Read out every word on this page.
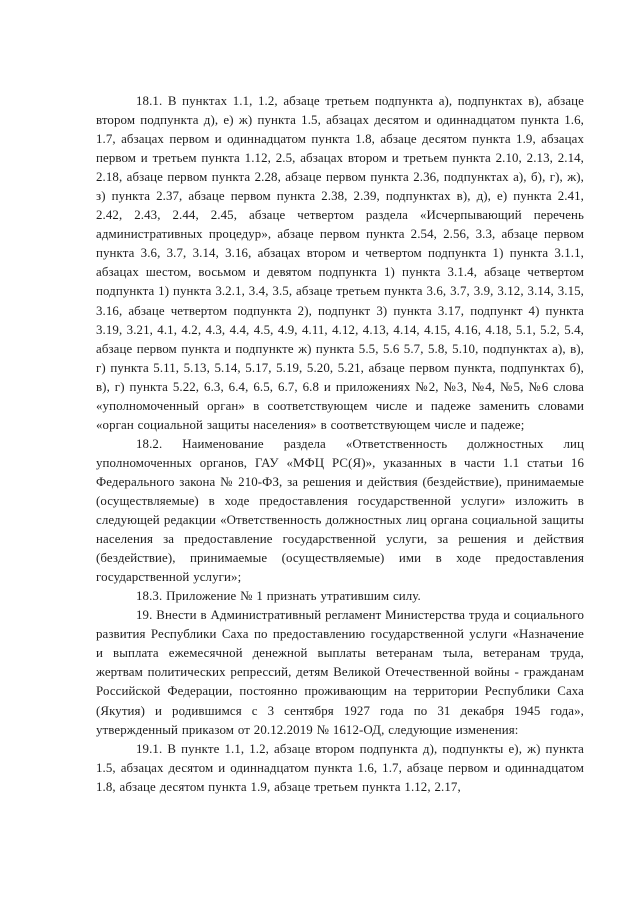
18.1. В пунктах 1.1, 1.2, абзаце третьем подпункта а), подпунктах в), абзаце втором подпункта д), е) ж) пункта 1.5, абзацах десятом и одиннадцатом пункта 1.6, 1.7, абзацах первом и одиннадцатом пункта 1.8, абзаце десятом пункта 1.9, абзацах первом и третьем пункта 1.12, 2.5, абзацах втором и третьем пункта 2.10, 2.13, 2.14, 2.18, абзаце первом пункта 2.28, абзаце первом пункта 2.36, подпунктах а), б), г), ж), з) пункта 2.37, абзаце первом пункта 2.38, 2.39, подпунктах в), д), е) пункта 2.41, 2.42, 2.43, 2.44, 2.45, абзаце четвертом раздела «Исчерпывающий перечень административных процедур», абзаце первом пункта 2.54, 2.56, 3.3, абзаце первом пункта 3.6, 3.7, 3.14, 3.16, абзацах втором и четвертом подпункта 1) пункта 3.1.1, абзацах шестом, восьмом и девятом подпункта 1) пункта 3.1.4, абзаце четвертом подпункта 1) пункта 3.2.1, 3.4, 3.5, абзаце третьем пункта 3.6, 3.7, 3.9, 3.12, 3.14, 3.15, 3.16, абзаце четвертом подпункта 2), подпункт 3) пункта 3.17, подпункт 4) пункта 3.19, 3.21, 4.1, 4.2, 4.3, 4.4, 4.5, 4.9, 4.11, 4.12, 4.13, 4.14, 4.15, 4.16, 4.18, 5.1, 5.2, 5.4, абзаце первом пункта и подпункте ж) пункта 5.5, 5.6 5.7, 5.8, 5.10, подпунктах а), в), г) пункта 5.11, 5.13, 5.14, 5.17, 5.19, 5.20, 5.21, абзаце первом пункта, подпунктах б), в), г) пункта 5.22, 6.3, 6.4, 6.5, 6.7, 6.8 и приложениях №2, №3, №4, №5, №6 слова «уполномоченный орган» в соответствующем числе и падеже заменить словами «орган социальной защиты населения» в соответствующем числе и падеже;

18.2. Наименование раздела «Ответственность должностных лиц уполномоченных органов, ГАУ «МФЦ РС(Я)», указанных в части 1.1 статьи 16 Федерального закона № 210-ФЗ, за решения и действия (бездействие), принимаемые (осуществляемые) в ходе предоставления государственной услуги» изложить в следующей редакции «Ответственность должностных лиц органа социальной защиты населения за предоставление государственной услуги, за решения и действия (бездействие), принимаемые (осуществляемые) ими в ходе предоставления государственной услуги»;

18.3. Приложение № 1 признать утратившим силу.

19. Внести в Административный регламент Министерства труда и социального развития Республики Саха по предоставлению государственной услуги «Назначение и выплата ежемесячной денежной выплаты ветеранам тыла, ветеранам труда, жертвам политических репрессий, детям Великой Отечественной войны - гражданам Российской Федерации, постоянно проживающим на территории Республики Саха (Якутия) и родившимся с 3 сентября 1927 года по 31 декабря 1945 года», утвержденный приказом от 20.12.2019 № 1612-ОД, следующие изменения:

19.1. В пункте 1.1, 1.2, абзаце втором подпункта д), подпункты е), ж) пункта 1.5, абзацах десятом и одиннадцатом пункта 1.6, 1.7, абзаце первом и одиннадцатом 1.8, абзаце десятом пункта 1.9, абзаце третьем пункта 1.12, 2.17,
